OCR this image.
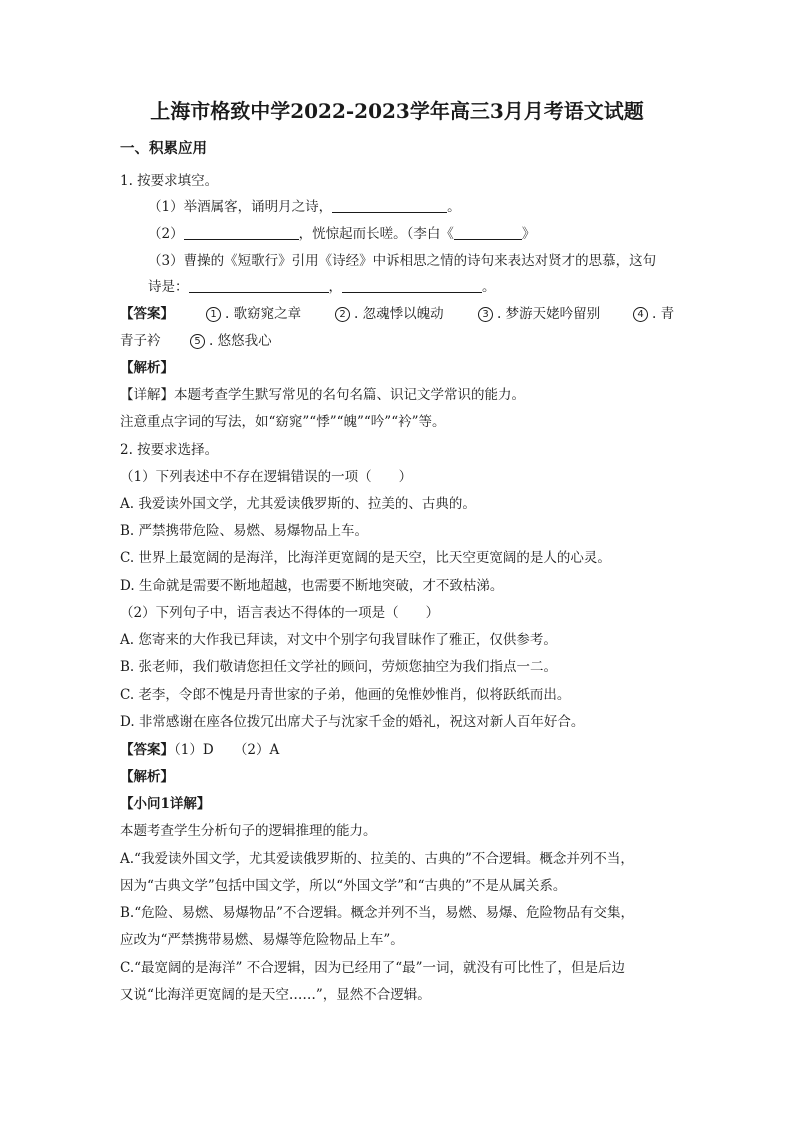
上海市格致中学2022-2023学年高三3月月考语文试题
一、积累应用
1. 按要求填空。
（1）举酒属客，诵明月之诗，	。
（2）	，恍惊起而长嗟。（李白《	》
（3）曹操的《短歌行》引用《诗经》中诉相思之情的诗句来表达对贤才的思慕，这句
诗是：	，	。
【答案】	1 . 歌窈窕之章	2 . 忽魂悸以魄动	3 . 梦游天姥吟留别	4 . 青
青子衿	5 . 悠悠我心
【解析】
【详解】本题考查学生默写常见的名句名篇、识记文学常识的能力。
注意重点字词的写法，如“窈窕”“悸”“魄”“吟”“衿”等。
2. 按要求选择。
（1）下列表述中不存在逻辑错误的一项（　　）
A. 我爱读外国文学，尤其爱读俄罗斯的、拉美的、古典的。
B. 严禁携带危险、易燃、易爆物品上车。
C. 世界上最宽阔的是海洋，比海洋更宽阔的是天空，比天空更宽阔的是人的心灵。
D. 生命就是需要不断地超越，也需要不断地突破，才不致枯涕。
（2）下列句子中，语言表达不得体的一项是（　　）
A. 您寄来的大作我已拜读，对文中个别字句我冒昧作了雅正，仅供参考。
B. 张老师，我们敬请您担任文学社的顾问，劳烦您抽空为我们指点一二。
C. 老李，令郎不愧是丹青世家的子弟，他画的兔惟妙惟肖，似将跃纸而出。
D. 非常感谢在座各位拨冗出席犬子与沈家千金的婚礼，祝这对新人百年好合。
【答案】（1）D　　（2）A
【解析】
【小问1详解】
本题考查学生分析句子的逻辑推理的能力。
A.“我爱读外国文学，尤其爱读俄罗斯的、拉美的、古典的”不合逻辑。概念并列不当，
因为“古典文学”包括中国文学，所以“外国文学”和“古典的”不是从属关系。
B.“危险、易燃、易爆物品”不合逻辑。概念并列不当，易燃、易爆、危险物品有交集，
应改为“严禁携带易燃、易爆等危险物品上车”。
C.“最宽阔的是海洋” 不合逻辑，因为已经用了“最”一词，就没有可比性了，但是后边
又说“比海洋更宽阔的是天空……”，显然不合逻辑。
